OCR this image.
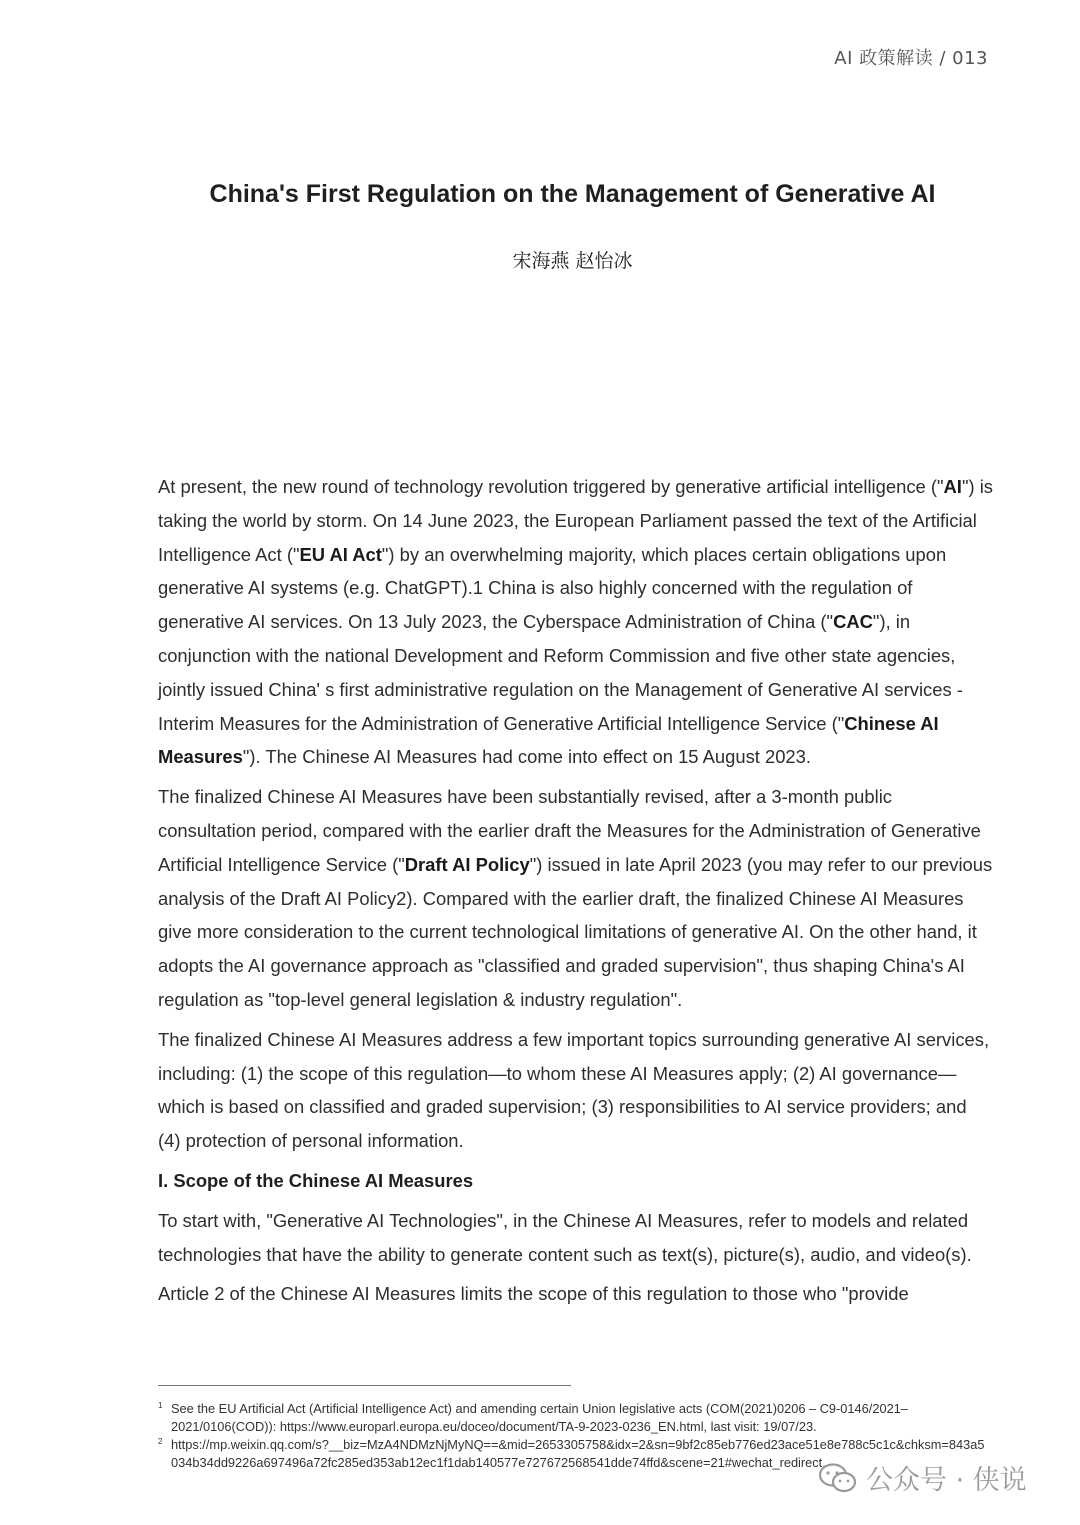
AI 政策解读 / 013
China's First Regulation on the Management of Generative AI
宋海燕 赵怡冰

At present, the new round of technology revolution triggered by generative artificial intelligence ("AI") is taking the world by storm. On 14 June 2023, the European Parliament passed the text of the Artificial Intelligence Act ("EU AI Act") by an overwhelming majority, which places certain obligations upon generative AI systems (e.g. ChatGPT).1 China is also highly concerned with the regulation of generative AI services. On 13 July 2023, the Cyberspace Administration of China ("CAC"), in conjunction with the national Development and Reform Commission and five other state agencies, jointly issued China' s first administrative regulation on the Management of Generative AI services - Interim Measures for the Administration of Generative Artificial Intelligence Service ("Chinese AI Measures"). The Chinese AI Measures had come into effect on 15 August 2023.

The finalized Chinese AI Measures have been substantially revised, after a 3-month public consultation period, compared with the earlier draft the Measures for the Administration of Generative Artificial Intelligence Service ("Draft AI Policy") issued in late April 2023 (you may refer to our previous analysis of the Draft AI Policy2). Compared with the earlier draft, the finalized Chinese AI Measures give more consideration to the current technological limitations of generative AI. On the other hand, it adopts the AI governance approach as "classified and graded supervision", thus shaping China's AI regulation as "top-level general legislation & industry regulation".

The finalized Chinese AI Measures address a few important topics surrounding generative AI services, including: (1) the scope of this regulation—to whom these AI Measures apply; (2) AI governance—which is based on classified and graded supervision; (3) responsibilities to AI service providers; and (4) protection of personal information.

I. Scope of the Chinese AI Measures

To start with, "Generative AI Technologies", in the Chinese AI Measures, refer to models and related technologies that have the ability to generate content such as text(s), picture(s), audio, and video(s).

Article 2 of the Chinese AI Measures limits the scope of this regulation to those who "provide

1 See the EU Artificial Act (Artificial Intelligence Act) and amending certain Union legislative acts (COM(2021)0206 – C9-0146/2021–2021/0106(COD)): https://www.europarl.europa.eu/doceo/document/TA-9-2023-0236_EN.html, last visit: 19/07/23.
2 https://mp.weixin.qq.com/s?__biz=MzA4NDMzNjMyNQ==&mid=2653305758&idx=2&sn=9bf2c85eb776ed23ace51e8e788c5c1c&chksm=843a5034b34dd9226a697496a72fc285ed353ab12ec1f1dab140577e727672568541dde74ffd&scene=21#wechat_redirect.
公众号 · 侠说
